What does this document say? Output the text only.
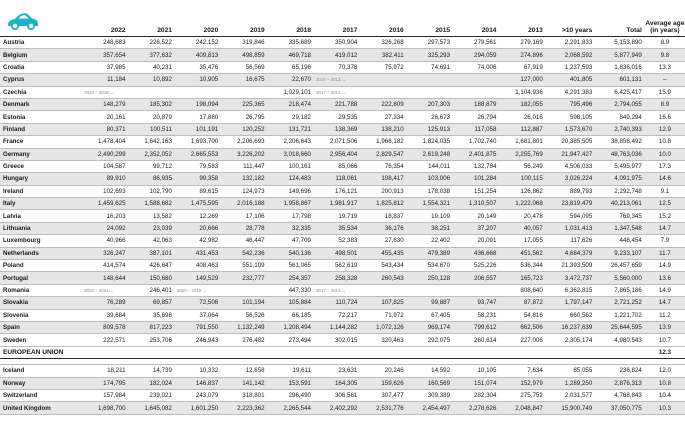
	2022	2021	2020	2019	2018	2017	2016	2015	2014	2013	>10 years	Total	Average age (in years)
Austria	248,683	226,522	242,152	319,846	335,689	350,904	326,268	297,573	279,561	279,169	2,291,833	5,153,890	8.9
Belgium	357,654	377,632	409,813	498,859	469,718	419,012	382,411	325,293	294,059	274,896	2,068,592	5,877,949	9.8
Croatia	37,985	40,231	35,476	56,569	65,196	70,378	75,972	74,691	74,006	67,919	1,237,593	1,836,016	13.3
Cyprus	11,184	10,892	10,905	16,675	22,670	2017 – 2013 →				127,000	401,805	601,131	–
Czechia	2022 – 2018 →				1,029,101	2017 – 2013 →				1,104,936	4,291,383	6,425,417	15.9
Denmark	148,279	185,302	198,094	225,365	218,474	221,788	222,809	207,303	188,879	182,055	795,496	2,794,055	8.9
Estonia	20,161	20,879	17,880	26,795	29,182	29,535	27,334	26,673	26,794	26,016	598,105	849,294	16.6
Finland	80,371	100,511	101,191	120,252	131,721	138,369	138,210	125,913	117,058	112,887	1,573,670	2,740,393	12.9
France	1,478,404	1,642,163	1,693,700	2,206,693	2,206,643	2,071,506	1,966,182	1,824,035	1,702,740	1,681,801	20,385,505	38,856,492	10.8
Germany	2,490,299	2,352,052	2,665,553	3,226,202	3,018,660	2,956,404	2,829,547	2,619,248	2,401,875	2,255,769	21,947,427	48,763,036	10.0
Greece	104,587	99,712	79,583	111,447	100,161	85,066	76,354	144,011	132,784	56,249	4,506,033	5,495,977	17.3
Hungary	89,910	86,935	99,358	132,182	124,483	118,061	108,417	103,006	101,284	100,115	3,026,224	4,091,975	14.6
Ireland	102,693	102,790	89,615	124,973	149,696	176,121	200,913	178,038	151,254	126,862	889,793	2,292,748	9.1
Italy	1,459,625	1,588,682	1,475,595	2,016,188	1,958,867	1,981,917	1,825,812	1,554,321	1,310,507	1,222,068	23,819,479	40,213,061	12.5
Latvia	16,203	13,582	12,269	17,106	17,798	19,719	18,837	19,109	20,149	20,478	594,095	769,345	15.2
Lithuania	24,092	23,039	20,666	28,778	32,335	35,534	36,176	38,251	37,207	40,057	1,031,413	1,347,548	14.7
Luxembourg	40,966	42,063	42,982	46,447	47,709	52,383	27,630	22,402	20,091	17,055	117,626	448,454	7.9
Netherlands	326,247	387,101	431,453	542,236	540,136	498,501	455,435	479,389	436,668	451,562	4,684,379	9,233,107	11.7
Poland	414,574	426,647	408,463	551,109	561,065	562,619	543,434	534,670	525,226	536,344	21,393,509	26,457,659	14.9
Portugal	148,644	150,680	149,529	232,777	254,357	258,328	260,543	250,128	206,557	165,723	3,472,737	5,560,000	13.6
Romania	2022 – 2021 →	246,401	2020 – 2018 →		447,330	2017 – 2013 →				808,640	6,362,815	7,865,186	14.9
Slovakia	76,289	69,857	72,506	101,194	105,884	110,724	107,825	99,887	93,747	87,872	1,797,147	2,721,252	14.7
Slovenia	39,684	35,698	37,064	56,526	66,185	72,217	71,972	67,405	58,231	54,816	660,562	1,221,702	11.2
Spain	809,578	817,223	791,550	1,132,249	1,208,494	1,144,282	1,072,126	969,174	799,612	662,506	16,237,639	25,644,595	13.9
Sweden	222,571	253,706	246,943	276,482	273,494	302,015	320,463	292,075	260,614	227,006	2,305,174	4,980,543	10.7
EUROPEAN UNION													12.3

Iceland	18,211	14,739	10,332	12,658	19,611	23,631	20,246	14,592	10,105	7,634	85,055	236,824	12.0
Norway	174,795	182,024	146,837	141,142	153,591	164,305	159,626	160,569	151,074	152,979	1,289,250	2,876,313	10.8
Switzerland	157,984	239,021	243,079	318,801	296,490	306,561	307,477	309,389	282,304	275,752	2,031,577	4,768,843	10.4
United Kingdom	1,698,700	1,645,082	1,601,250	2,223,362	2,265,544	2,402,292	2,531,776	2,454,497	2,278,626	2,048,847	15,900,749	37,050,775	10.3
